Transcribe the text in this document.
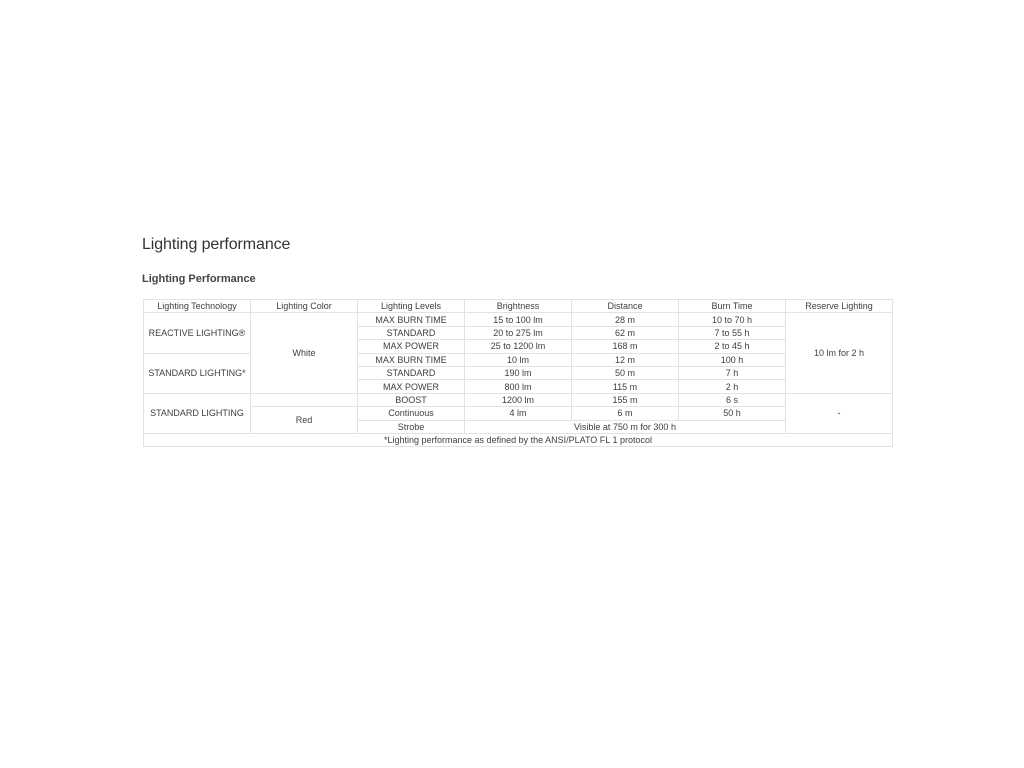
Lighting performance
Lighting Performance
Lighting Technology	Lighting Color	Lighting Levels	Brightness	Distance	Burn Time	Reserve Lighting
REACTIVE LIGHTING®	White	MAX BURN TIME	15 to 100 lm	28 m	10 to 70 h	10 lm for 2 h
		STANDARD	20 to 275 lm	62 m	7 to 55 h	
		MAX POWER	25 to 1200 lm	168 m	2 to 45 h	
STANDARD LIGHTING*		MAX BURN TIME	10 lm	12 m	100 h	
		STANDARD	190 lm	50 m	7 h	
		MAX POWER	800 lm	115 m	2 h	
STANDARD LIGHTING		BOOST	1200 lm	155 m	6 s	-
	Red	Continuous	4 lm	6 m	50 h	
		Strobe	Visible at 750 m for 300 h			
*Lighting performance as defined by the ANSI/PLATO FL 1 protocol						
